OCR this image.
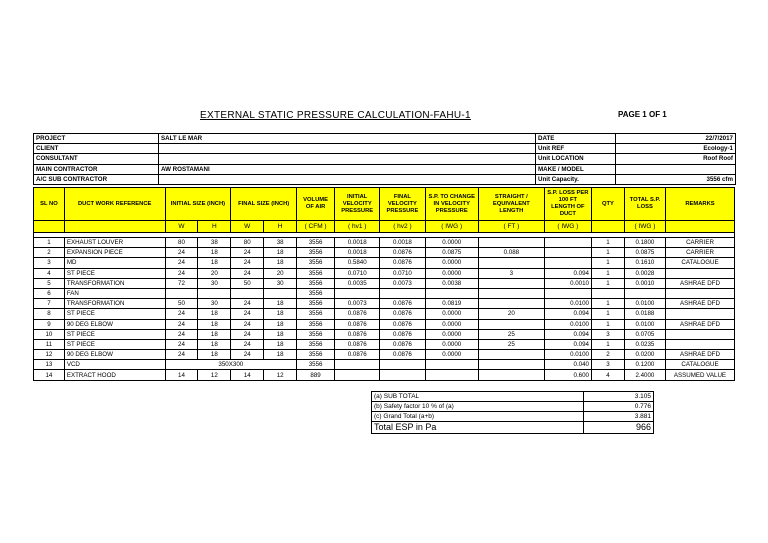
EXTERNAL STATIC PRESSURE CALCULATION-FAHU-1	PAGE 1 OF 1
PROJECT	SALT LE MAR	DATE	22/7/2017
CLIENT		Unit REF	Ecology-1
CONSULTANT		Unit LOCATION	Roof Roof
MAIN CONTRACTOR	AW ROSTAMANI	MAKE / MODEL	
A/C SUB CONTRACTOR		Unit Capacity.	3556 cfm
SL NO	DUCT WORK REFERENCE	INITIAL SIZE (INCH)		FINAL SIZE (INCH)		VOLUME OF AIR	INITIAL VELOCITY PRESSURE	FINAL VELOCITY PRESSURE	S.P. TO CHANGE IN VELOCITY PRESSURE	STRAIGHT / EQUIVALENT LENGTH	S.P. LOSS PER 100 FT LENGTH OF DUCT	QTY	TOTAL S.P. LOSS	REMARKS
		W	H	W	H	( CFM )	( hv1 )	( hv2 )	( IWG )	( FT )	( IWG )		( IWG )	

1	EXHAUST LOUVER	80	38	80	38	3556	0.0018	0.0018	0.0000			1	0.1800	CARRIER
2	EXPANSION PIECE	24	18	24	18	3556	0.0018	0.0876	0.0875	0.088		1	0.0875	CARRIER
3	MD	24	18	24	18	3556	0.5840	0.0876	0.0000			1	0.1610	CATALOGUE
4	ST PIECE	24	20	24	20	3556	0.0710	0.0710	0.0000	3	0.094	1	0.0028	
5	TRANSFORMATION	72	30	50	30	3556	0.0035	0.0073	0.0038		0.0010	1	0.0010	ASHRAE DFD
6	FAN					3556								
7	TRANSFORMATION	50	30	24	18	3556	0.0073	0.0876	0.0819		0.0100	1	0.0100	ASHRAE DFD
8	ST PIECE	24	18	24	18	3556	0.0876	0.0876	0.0000	20	0.094	1	0.0188	
9	90 DEG ELBOW	24	18	24	18	3556	0.0876	0.0876	0.0000		0.0100	1	0.0100	ASHRAE DFD
10	ST PIECE	24	18	24	18	3556	0.0876	0.0876	0.0000	25	0.094	3	0.0705	
11	ST PIECE	24	18	24	18	3556	0.0876	0.0876	0.0000	25	0.094	1	0.0235	
12	90 DEG ELBOW	24	18	24	18	3556	0.0876	0.0876	0.0000		0.0100	2	0.0200	ASHRAE DFD
13	VCD	350X300				3556					0.040	3	0.1200	CATALOGUE
14	EXTRACT HOOD	14	12	14	12	889					0.600	4	2.4000	ASSUMED VALUE
(a) SUB TOTAL	3.105
(b) Safety factor 10 % of (a)	0.776
(c) Grand Total (a+b)	3.881
Total ESP in Pa	966
